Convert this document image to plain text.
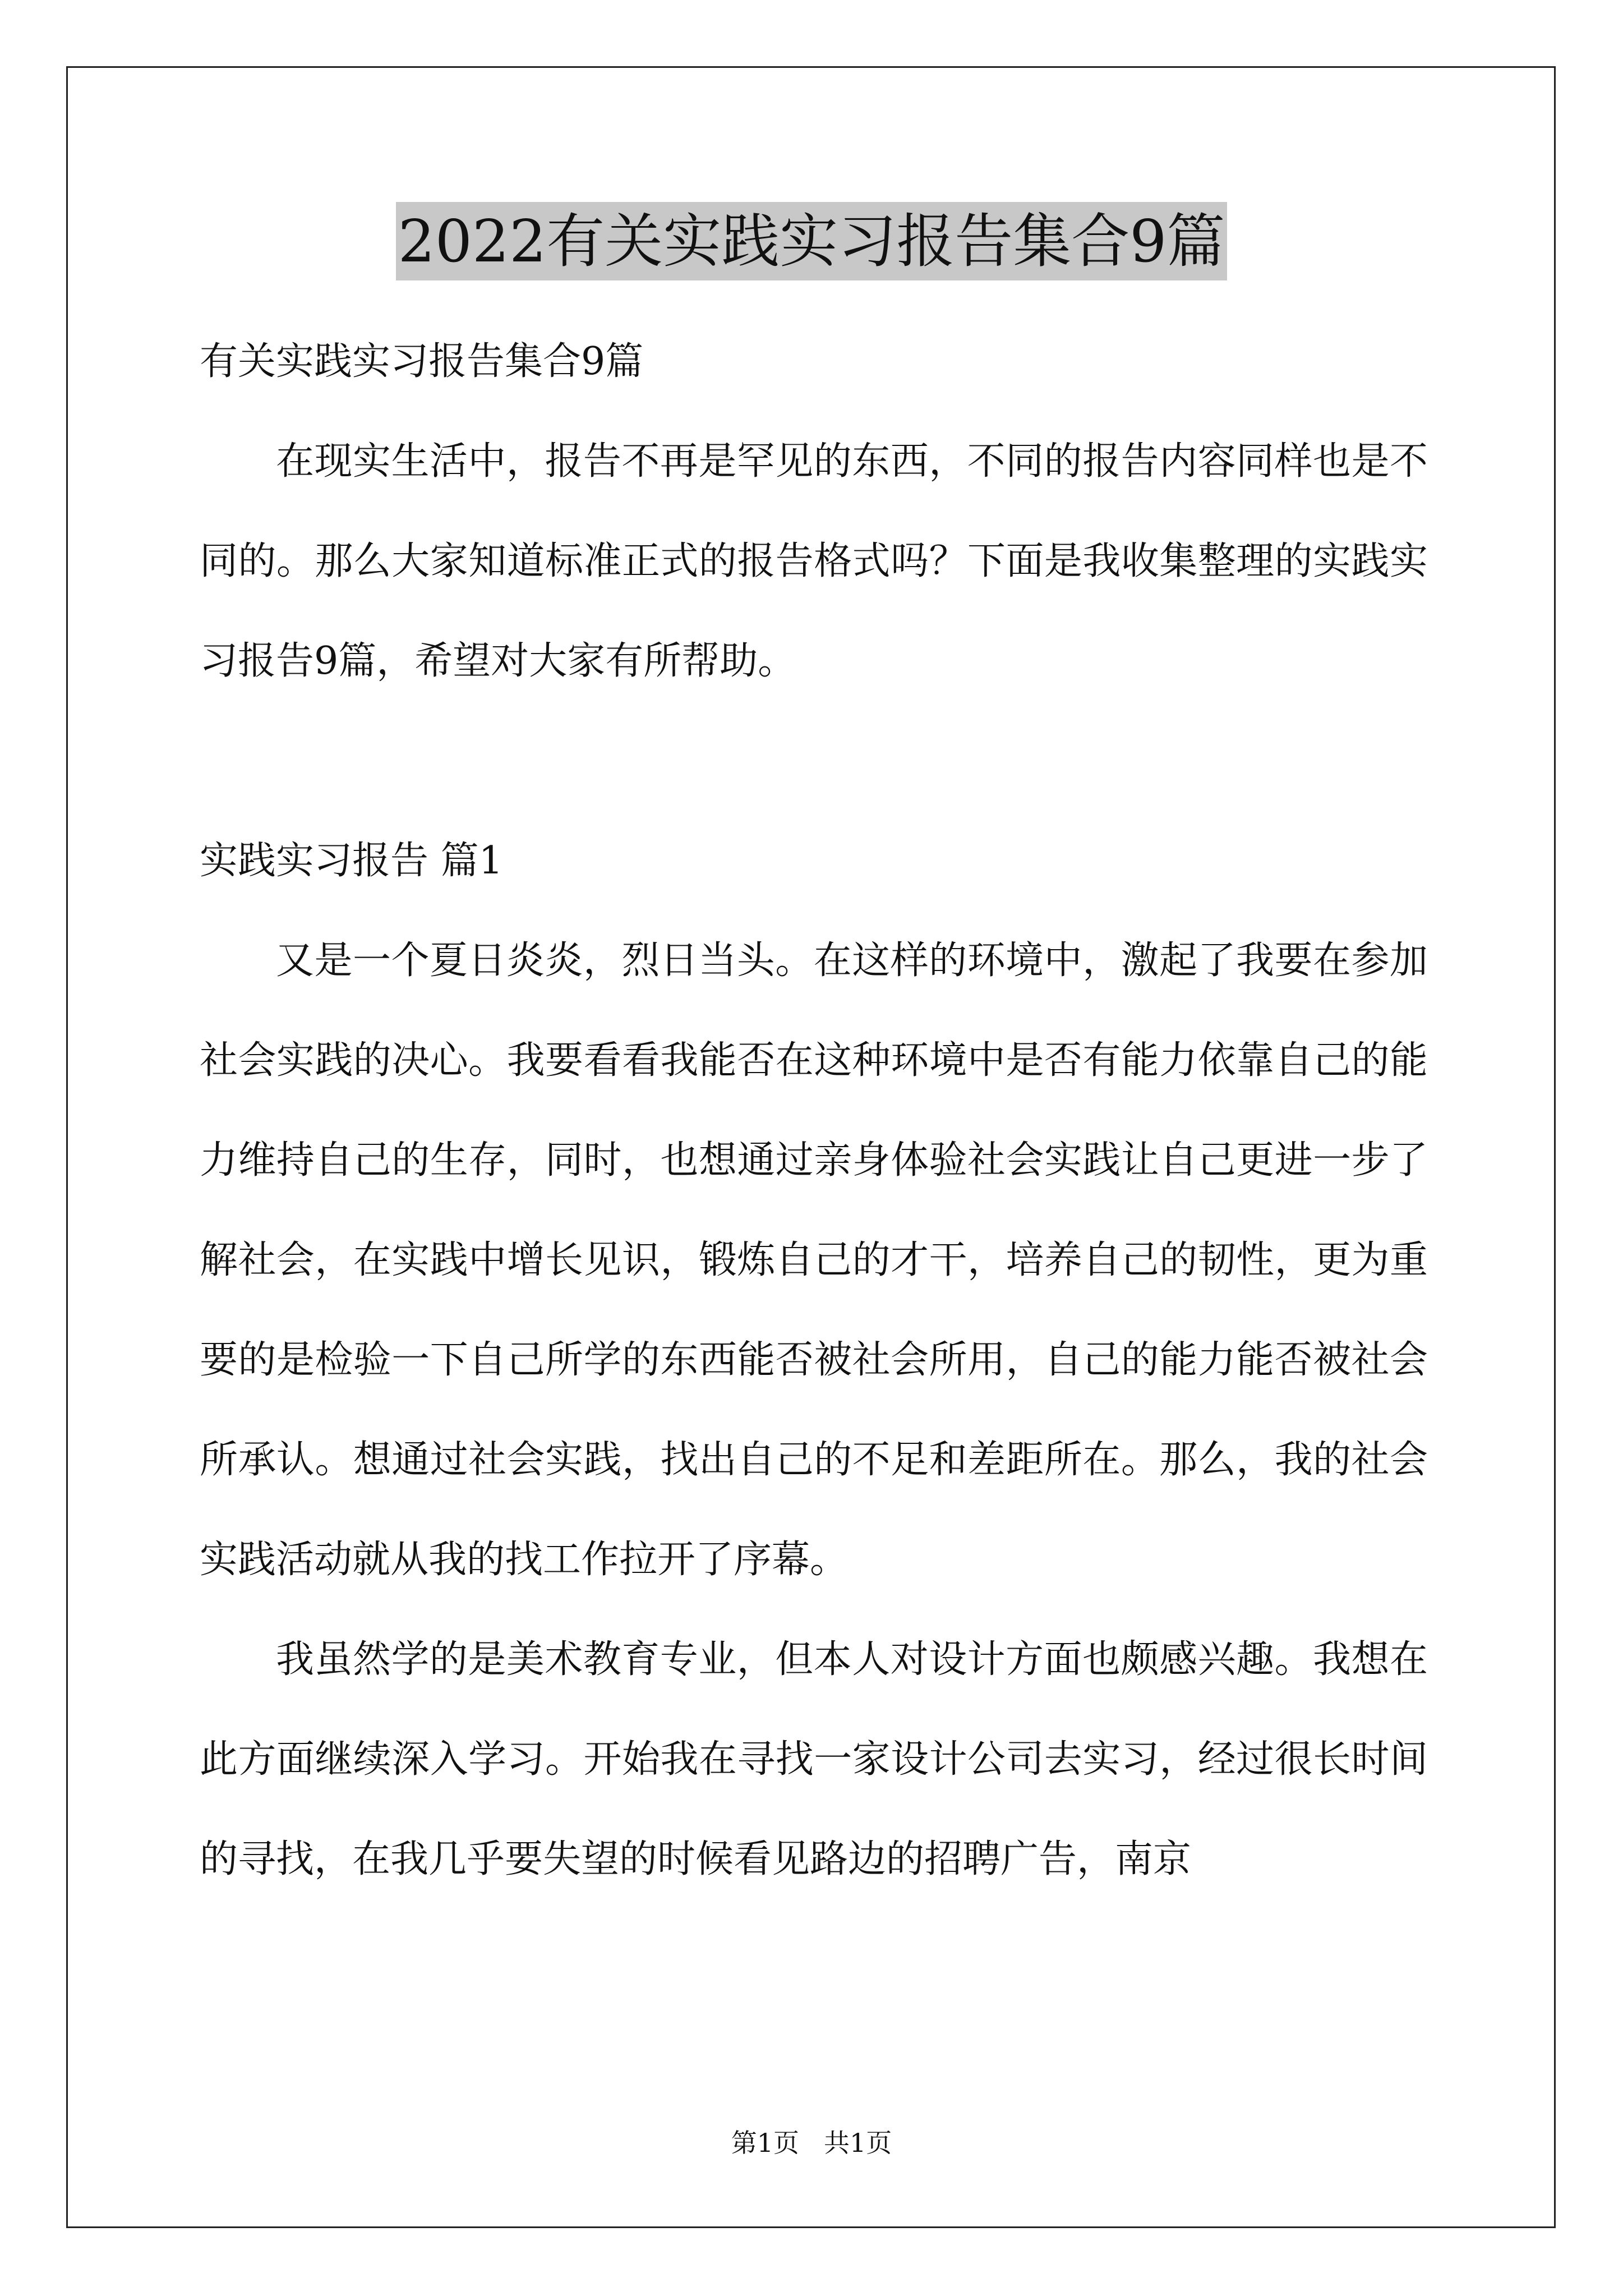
2022有关实践实习报告集合9篇

有关实践实习报告集合9篇

在现实生活中，报告不再是罕见的东西，不同的报告内容同样也是不同的。那么大家知道标准正式的报告格式吗？下面是我收集整理的实践实习报告9篇，希望对大家有所帮助。

实践实习报告 篇1

又是一个夏日炎炎，烈日当头。在这样的环境中，激起了我要在参加社会实践的决心。我要看看我能否在这种环境中是否有能力依靠自己的能力维持自己的生存，同时，也想通过亲身体验社会实践让自己更进一步了解社会，在实践中增长见识，锻炼自己的才干，培养自己的韧性，更为重要的是检验一下自己所学的东西能否被社会所用，自己的能力能否被社会所承认。想通过社会实践，找出自己的不足和差距所在。那么，我的社会实践活动就从我的找工作拉开了序幕。

我虽然学的是美术教育专业，但本人对设计方面也颇感兴趣。我想在此方面继续深入学习。开始我在寻找一家设计公司去实习，经过很长时间的寻找，在我几乎要失望的时候看见路边的招聘广告，南京

第1页 共1页
